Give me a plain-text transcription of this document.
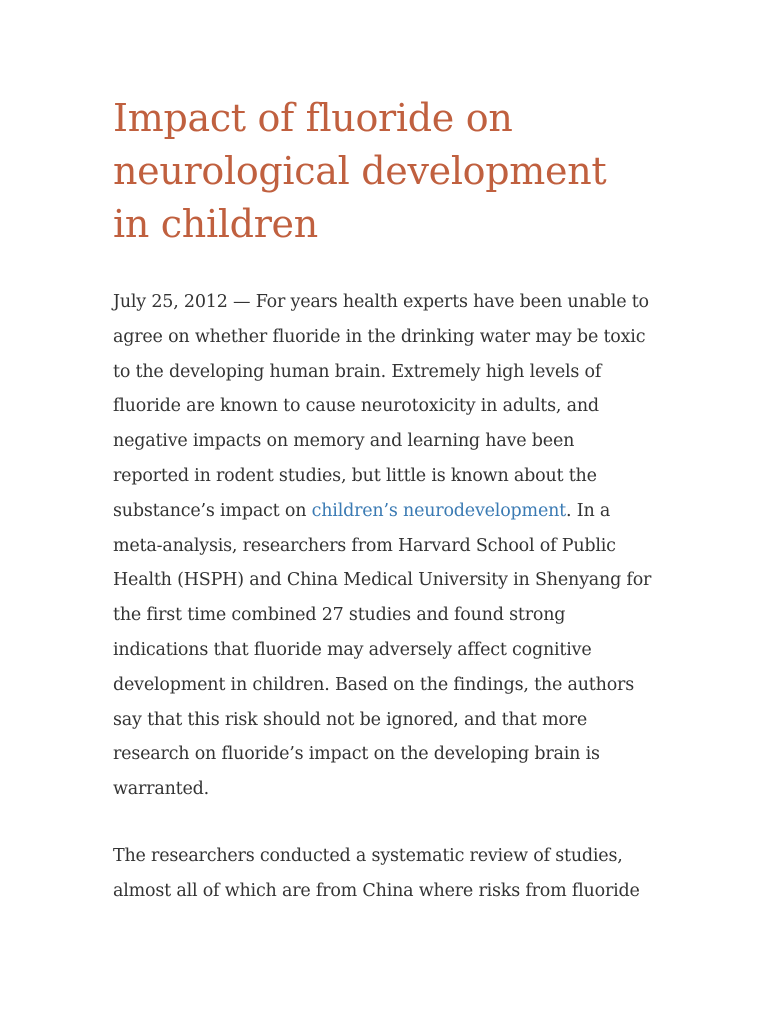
Impact of fluoride on neurological development in children

July 25, 2012 — For years health experts have been unable to agree on whether fluoride in the drinking water may be toxic to the developing human brain. Extremely high levels of fluoride are known to cause neurotoxicity in adults, and negative impacts on memory and learning have been reported in rodent studies, but little is known about the substance’s impact on children’s neurodevelopment. In a meta-analysis, researchers from Harvard School of Public Health (HSPH) and China Medical University in Shenyang for the first time combined 27 studies and found strong indications that fluoride may adversely affect cognitive development in children. Based on the findings, the authors say that this risk should not be ignored, and that more research on fluoride’s impact on the developing brain is warranted.

The researchers conducted a systematic review of studies, almost all of which are from China where risks from fluoride
